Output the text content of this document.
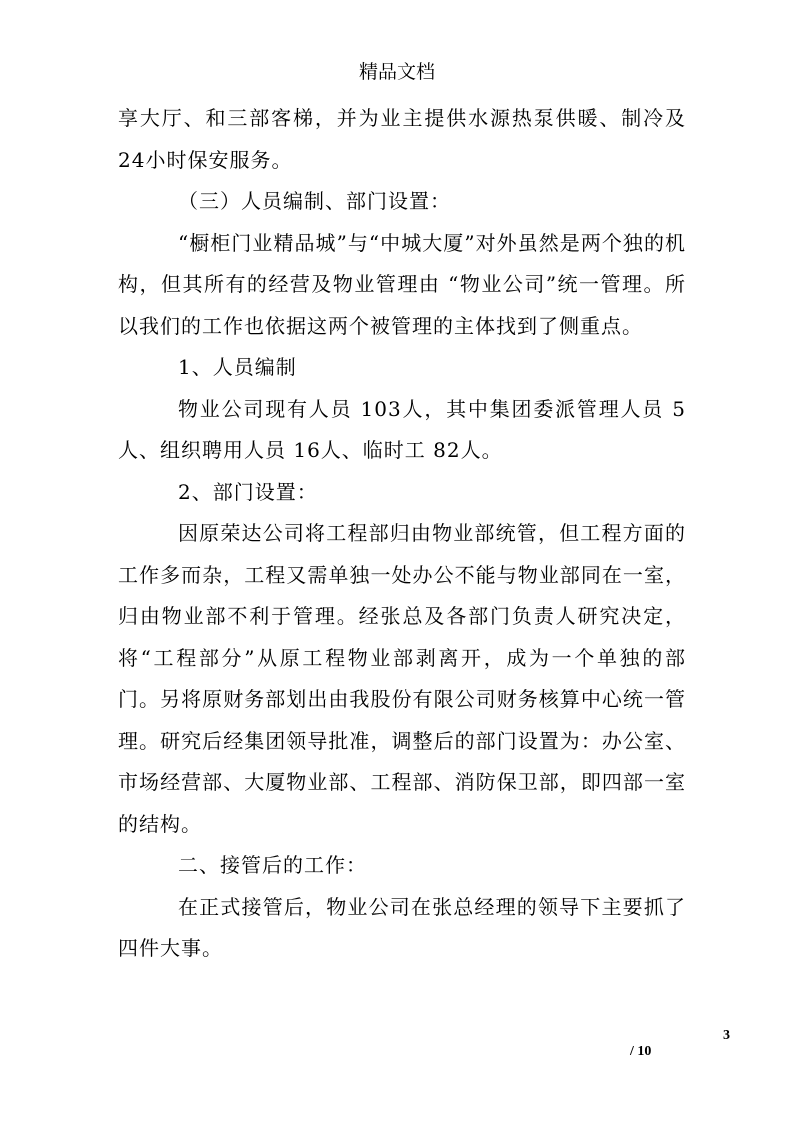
精品文档

享大厅、和三部客梯，并为业主提供水源热泵供暖、制冷及24小时保安服务。

（三）人员编制、部门设置：

“橱柜门业精品城”与“中城大厦”对外虽然是两个独的机构，但其所有的经营及物业管理由 “物业公司”统一管理。所以我们的工作也依据这两个被管理的主体找到了侧重点。

1、人员编制

物业公司现有人员 103人，其中集团委派管理人员 5人、组织聘用人员 16人、临时工 82人。

2、部门设置：

因原荣达公司将工程部归由物业部统管，但工程方面的工作多而杂，工程又需单独一处办公不能与物业部同在一室，归由物业部不利于管理。经张总及各部门负责人研究决定，将“工程部分”从原工程物业部剥离开，成为一个单独的部门。另将原财务部划出由我股份有限公司财务核算中心统一管理。研究后经集团领导批准，调整后的部门设置为：办公室、市场经营部、大厦物业部、工程部、消防保卫部，即四部一室的结构。

二、接管后的工作：

在正式接管后，物业公司在张总经理的领导下主要抓了四件大事。

3
/ 10
